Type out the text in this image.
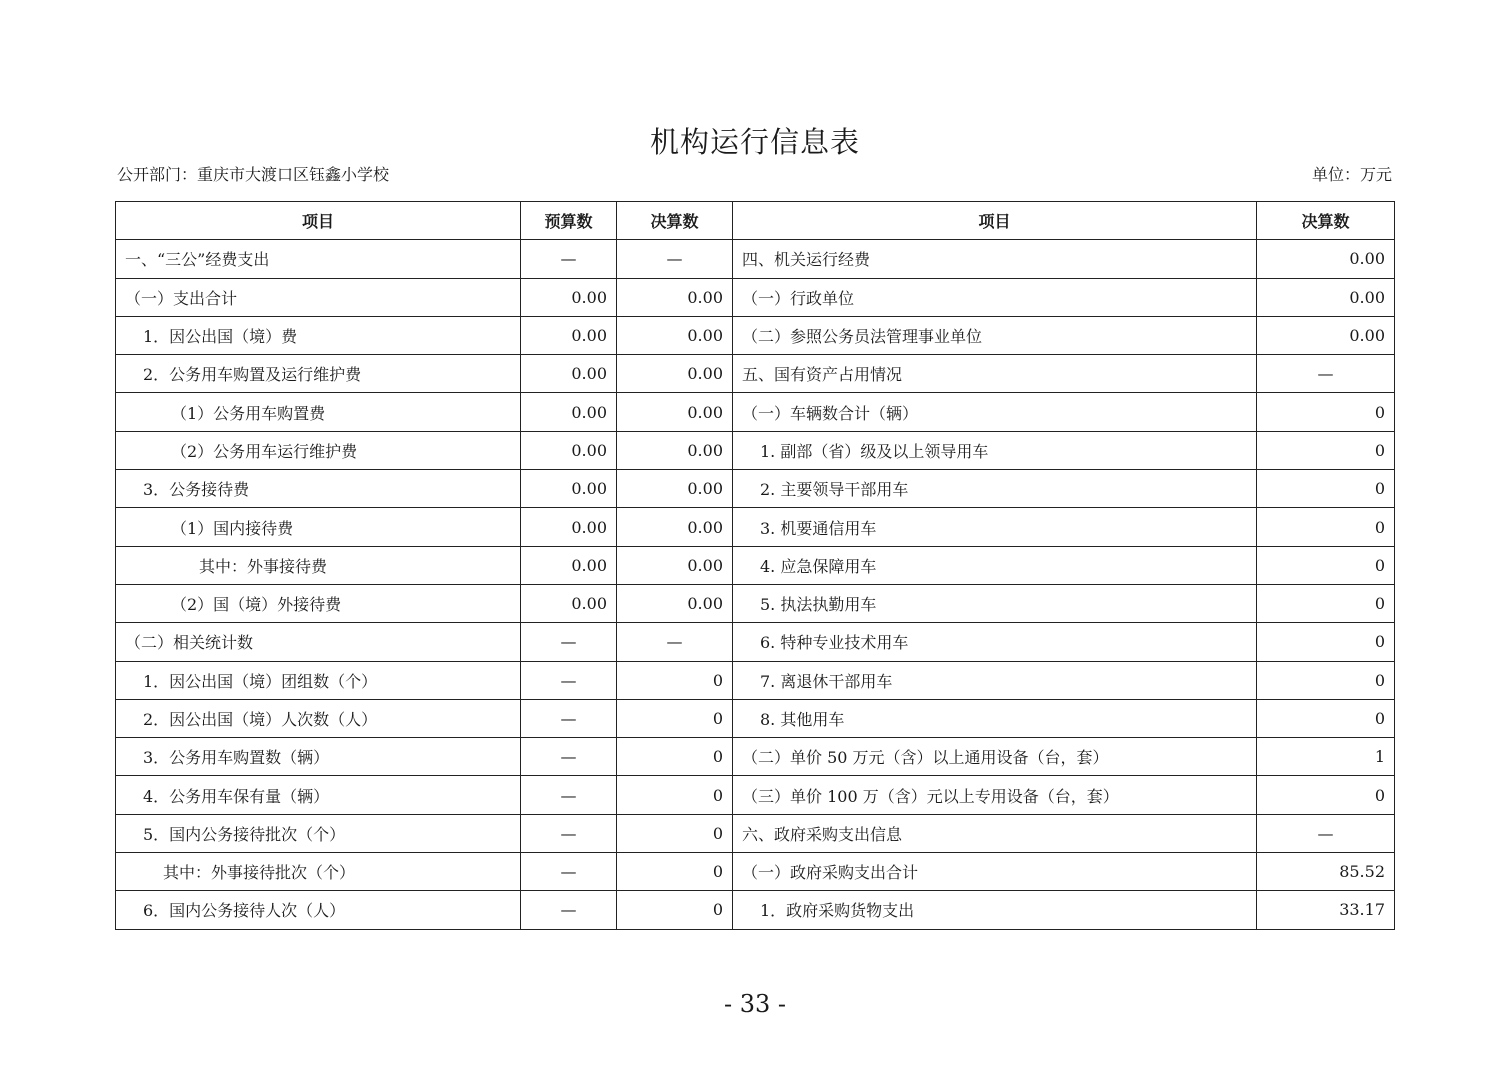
机构运行信息表
公开部门：重庆市大渡口区钰鑫小学校	单位：万元
项目	预算数	决算数	项目	决算数
一、“三公”经费支出	—	—	四、机关运行经费	0.00
（一）支出合计	0.00	0.00	（一）行政单位	0.00
1．因公出国（境）费	0.00	0.00	（二）参照公务员法管理事业单位	0.00
2．公务用车购置及运行维护费	0.00	0.00	五、国有资产占用情况	—
（1）公务用车购置费	0.00	0.00	（一）车辆数合计（辆）	0
（2）公务用车运行维护费	0.00	0.00	1. 副部（省）级及以上领导用车	0
3．公务接待费	0.00	0.00	2. 主要领导干部用车	0
（1）国内接待费	0.00	0.00	3. 机要通信用车	0
其中：外事接待费	0.00	0.00	4. 应急保障用车	0
（2）国（境）外接待费	0.00	0.00	5. 执法执勤用车	0
（二）相关统计数	—	—	6. 特种专业技术用车	0
1．因公出国（境）团组数（个）	—	0	7. 离退休干部用车	0
2．因公出国（境）人次数（人）	—	0	8. 其他用车	0
3．公务用车购置数（辆）	—	0	（二）单价 50 万元（含）以上通用设备（台，套）	1
4．公务用车保有量（辆）	—	0	（三）单价 100 万（含）元以上专用设备（台，套）	0
5．国内公务接待批次（个）	—	0	六、政府采购支出信息	—
其中：外事接待批次（个）	—	0	（一）政府采购支出合计	85.52
6．国内公务接待人次（人）	—	0	1．政府采购货物支出	33.17
- 33 -
